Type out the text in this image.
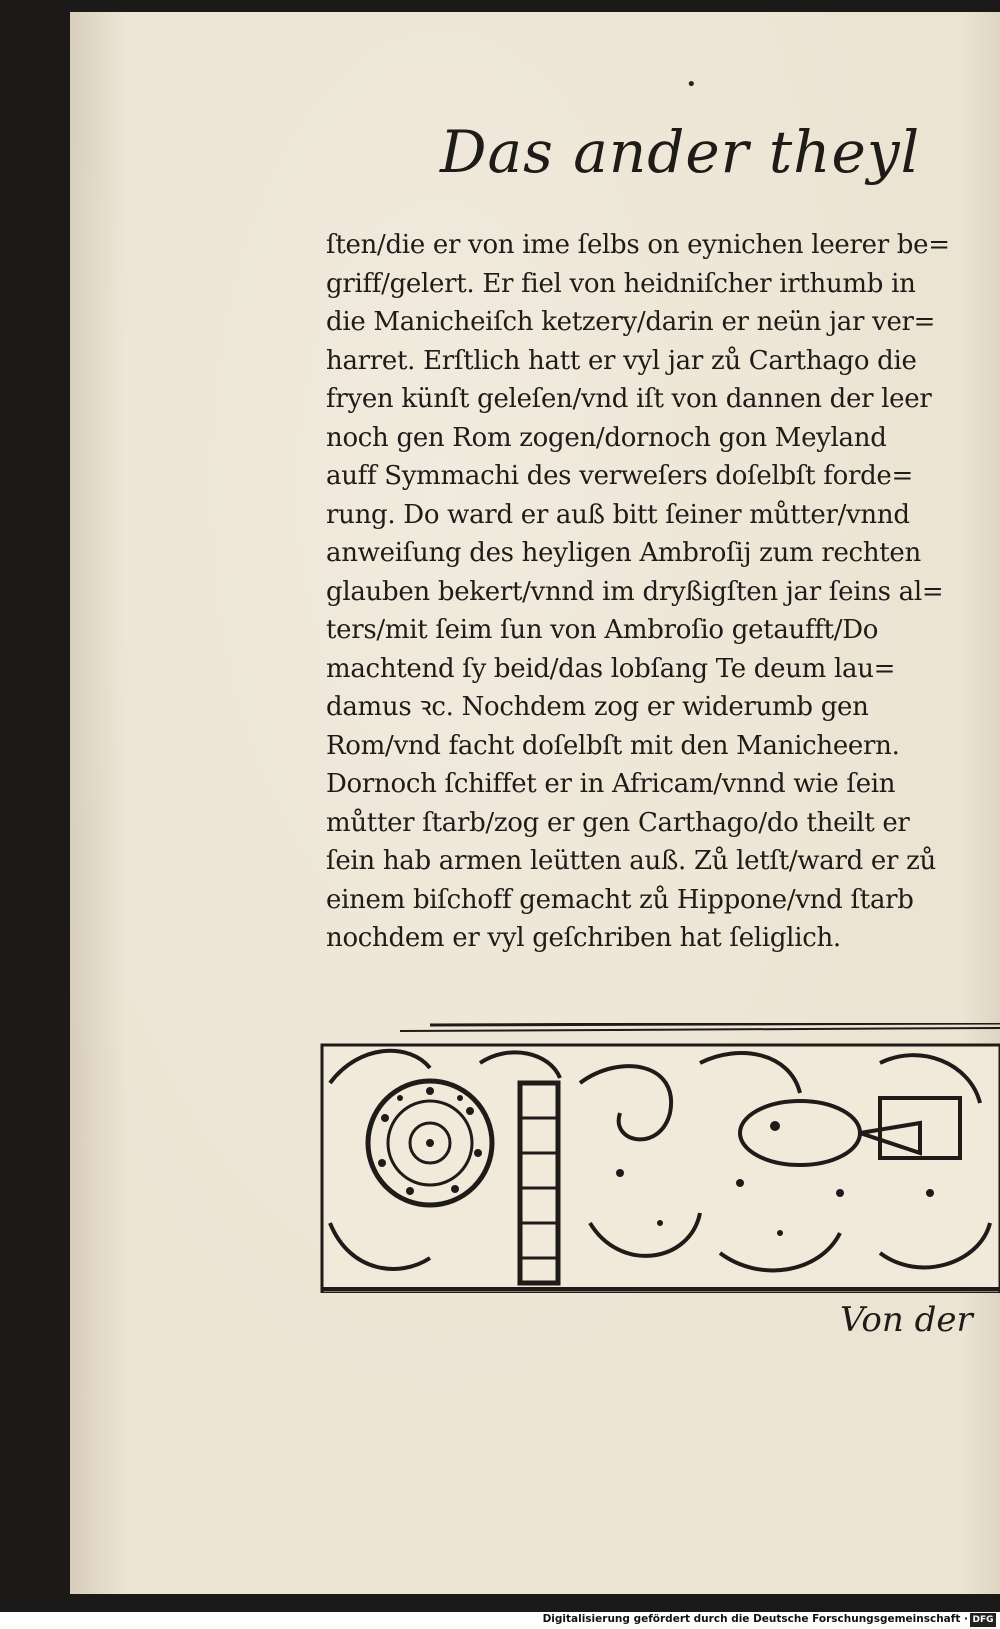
•
Das ander theyl
ſten/die er von ime ſelbs on eynichen leerer be=
griff/gelert. Er fiel von heidniſcher irthumb in
die Manicheiſch ketzery/darin er neün jar ver=
harret. Erſtlich hatt er vyl jar zů Carthago die
fryen künſt geleſen/vnd iſt von dannen der leer
noch gen Rom zogen/dornoch gon Meyland
auff Symmachi des verweſers doſelbſt forde=
rung. Do ward er auß bitt ſeiner můtter/vnnd
anweiſung des heyligen Ambroſij zum rechten
glauben bekert/vnnd im dryßigſten jar ſeins al=
ters/mit ſeim ſun von Ambroſio getaufft/Do
machtend ſy beid/das lobſang Te deum lau=
damus ꝛc. Nochdem zog er widerumb gen
Rom/vnd facht doſelbſt mit den Manicheern.
Dornoch ſchiffet er in Africam/vnnd wie ſein
můtter ſtarb/zog er gen Carthago/do theilt er
ſein hab armen leütten auß. Zů letſt/ward er zů
einem biſchoff gemacht zů Hippone/vnd ſtarb
nochdem er vyl geſchriben hat ſeliglich.
Von der
Digitalisierung gefördert durch die Deutsche Forschungsgemeinschaft · DFG
